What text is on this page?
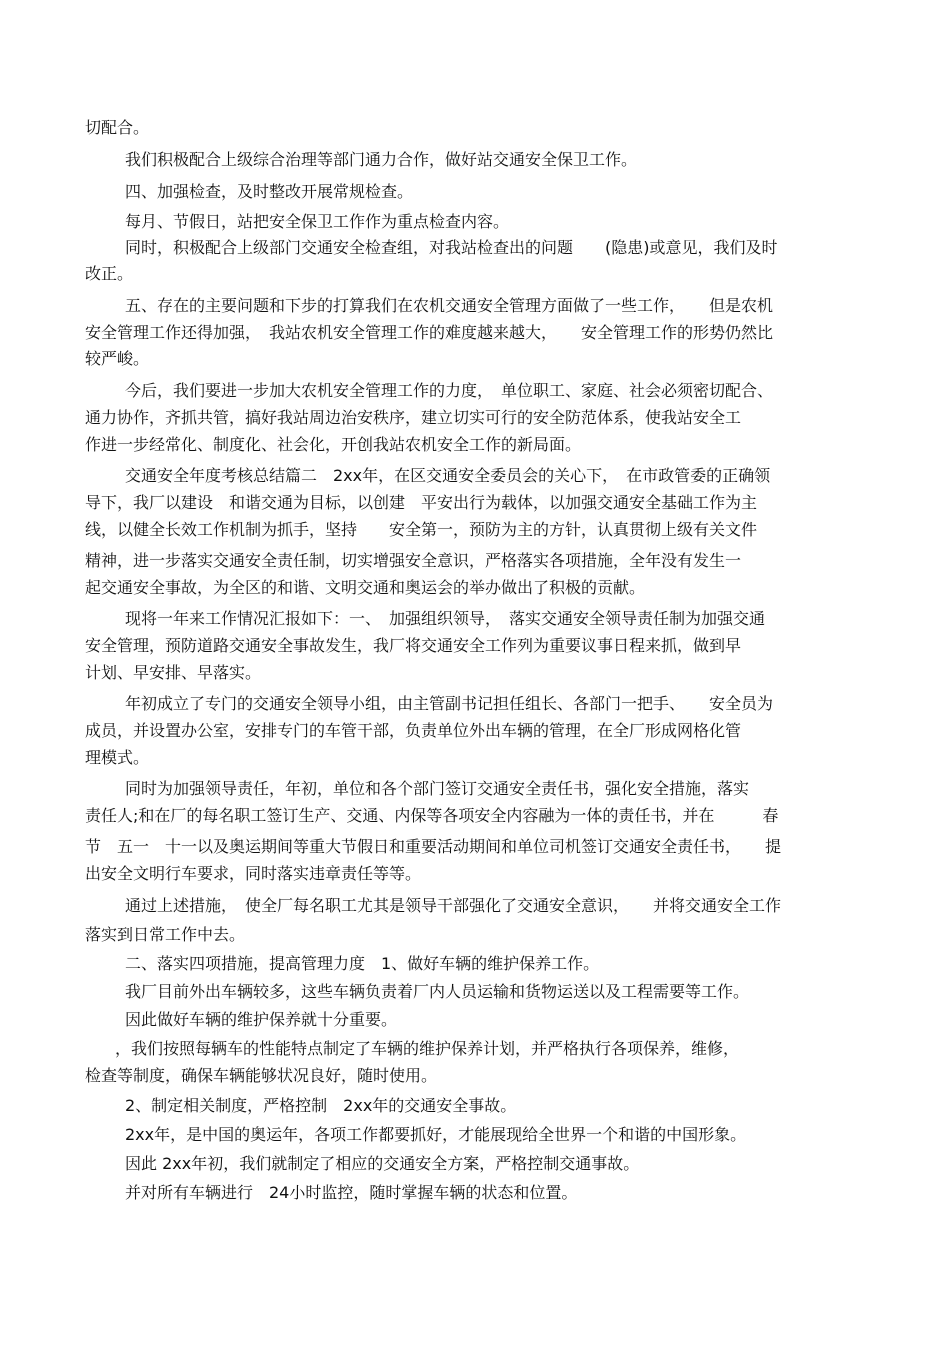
切配合。
我们积极配合上级综合治理等部门通力合作，做好站交通安全保卫工作。
四、加强检查，及时整改开展常规检查。
每月、节假日，站把安全保卫工作作为重点检查内容。
同时，积极配合上级部门交通安全检查组，对我站检查出的问题　　(隐患)或意见，我们及时
改正。
五、存在的主要问题和下步的打算我们在农机交通安全管理方面做了一些工作，　　但是农机
安全管理工作还得加强，　我站农机安全管理工作的难度越来越大，　　安全管理工作的形势仍然比
较严峻。
今后，我们要进一步加大农机安全管理工作的力度，　单位职工、家庭、社会必须密切配合、
通力协作，齐抓共管，搞好我站周边治安秩序，建立切实可行的安全防范体系，使我站安全工
作进一步经常化、制度化、社会化，开创我站农机安全工作的新局面。
交通安全年度考核总结篇二　2xx年，在区交通安全委员会的关心下，　在市政管委的正确领
导下，我厂以建设　和谐交通为目标，以创建　平安出行为载体，以加强交通安全基础工作为主
线，以健全长效工作机制为抓手，坚持　　安全第一，预防为主的方针，认真贯彻上级有关文件
精神，进一步落实交通安全责任制，切实增强安全意识，严格落实各项措施，全年没有发生一
起交通安全事故，为全区的和谐、文明交通和奥运会的举办做出了积极的贡献。
现将一年来工作情况汇报如下：一、　加强组织领导，　落实交通安全领导责任制为加强交通
安全管理，预防道路交通安全事故发生，我厂将交通安全工作列为重要议事日程来抓，做到早
计划、早安排、早落实。
年初成立了专门的交通安全领导小组，由主管副书记担任组长、各部门一把手、　　安全员为
成员，并设置办公室，安排专门的车管干部，负责单位外出车辆的管理，在全厂形成网格化管
理模式。
同时为加强领导责任，年初，单位和各个部门签订交通安全责任书，强化安全措施，落实
责任人;和在厂的每名职工签订生产、交通、内保等各项安全内容融为一体的责任书，并在　　　春
节　五一　十一以及奥运期间等重大节假日和重要活动期间和单位司机签订交通安全责任书，　　提
出安全文明行车要求，同时落实违章责任等等。
通过上述措施，　使全厂每名职工尤其是领导干部强化了交通安全意识，　　并将交通安全工作
落实到日常工作中去。
二、落实四项措施，提高管理力度　1、做好车辆的维护保养工作。
我厂目前外出车辆较多，这些车辆负责着厂内人员运输和货物运送以及工程需要等工作。
因此做好车辆的维护保养就十分重要。
，我们按照每辆车的性能特点制定了车辆的维护保养计划，并严格执行各项保养，维修，
检查等制度，确保车辆能够状况良好，随时使用。
2、制定相关制度，严格控制　2xx年的交通安全事故。
2xx年，是中国的奥运年，各项工作都要抓好，才能展现给全世界一个和谐的中国形象。
因此 2xx年初，我们就制定了相应的交通安全方案，严格控制交通事故。
并对所有车辆进行　24小时监控，随时掌握车辆的状态和位置。
